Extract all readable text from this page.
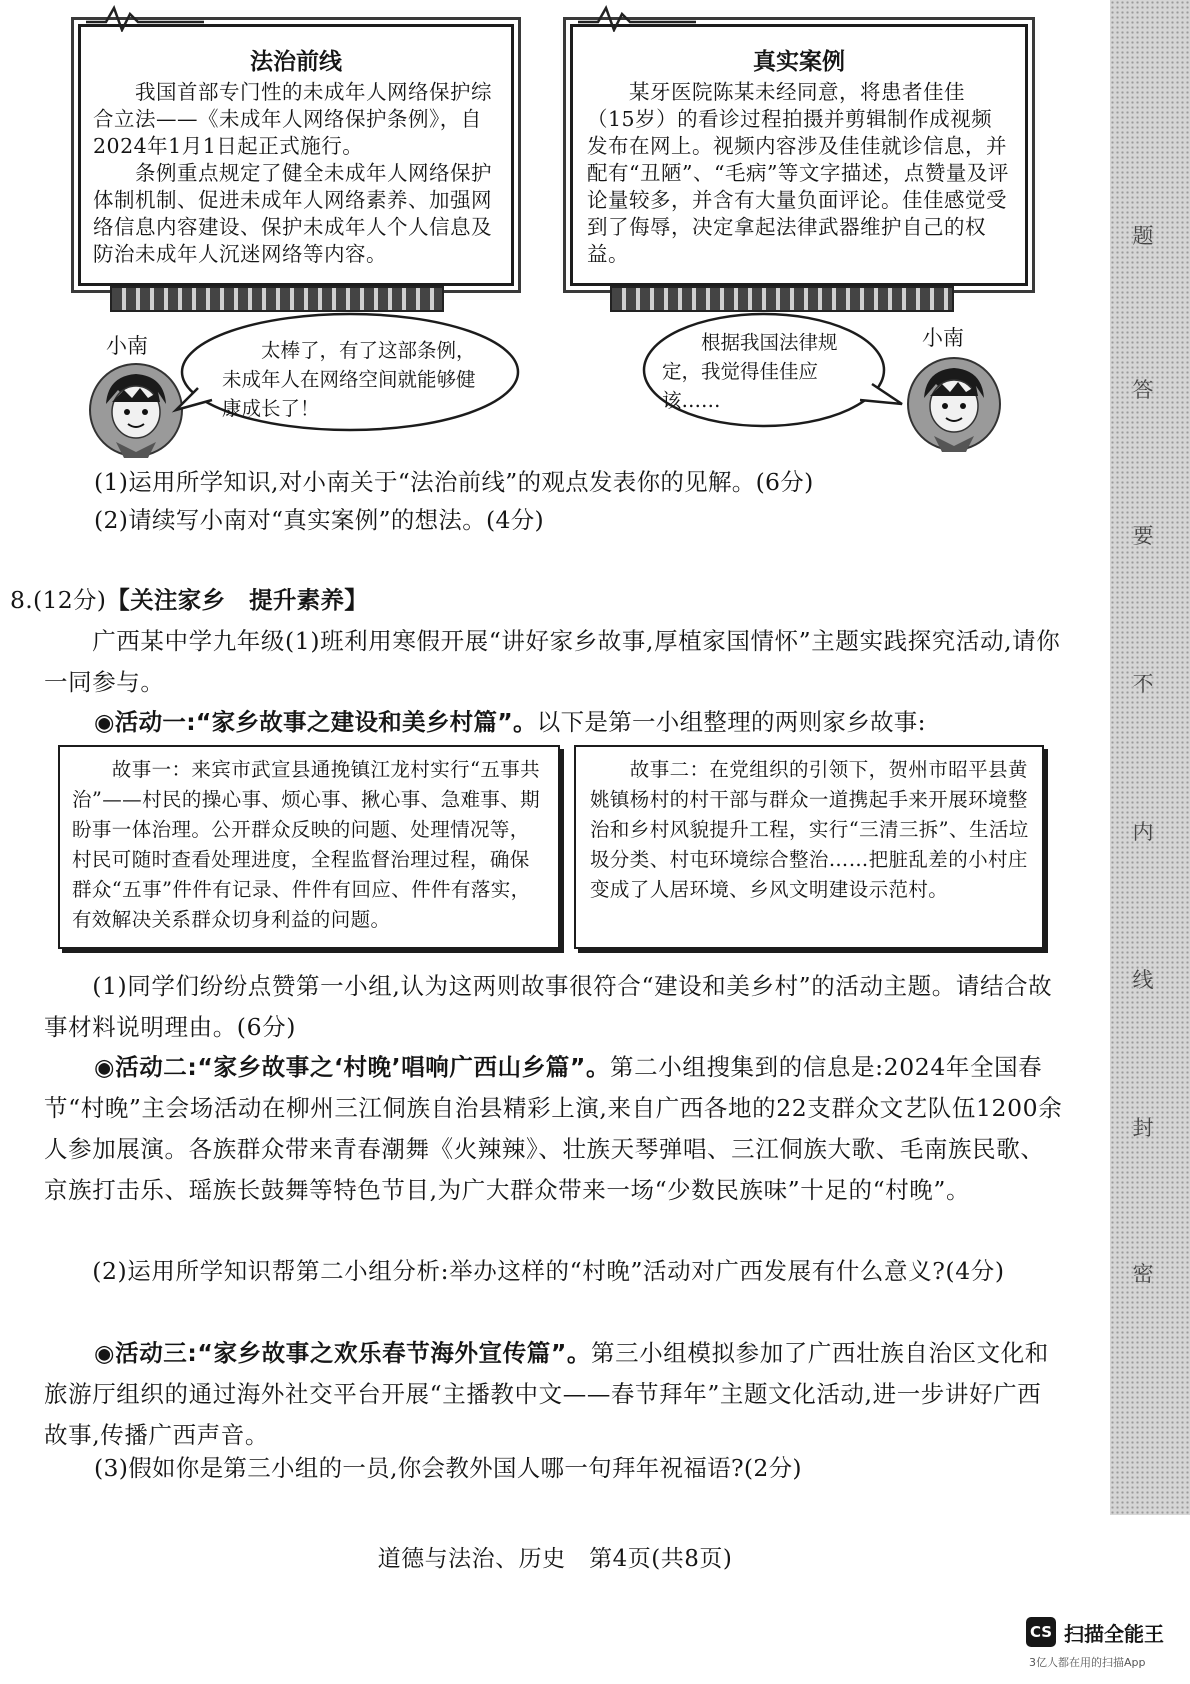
法治前线
　　我国首部专门性的未成年人网络保护综合立法——《未成年人网络保护条例》，自2024年1月1日起正式施行。
　　条例重点规定了健全未成年人网络保护体制机制、促进未成年人网络素养、加强网络信息内容建设、保护未成年人个人信息及防治未成年人沉迷网络等内容。
真实案例
　　某牙医院陈某未经同意，将患者佳佳（15岁）的看诊过程拍摄并剪辑制作成视频发布在网上。视频内容涉及佳佳就诊信息，并配有“丑陋”、“毛病”等文字描述，点赞量及评论量较多，并含有大量负面评论。佳佳感觉受到了侮辱，决定拿起法律武器维护自己的权益。
小南	　　太棒了，有了这部条例，未成年人在网络空间就能够健康成长了！
　　根据我国法律规定，我觉得佳佳应该……
小南
(1)运用所学知识,对小南关于“法治前线”的观点发表你的见解。(6分)
(2)请续写小南对“真实案例”的想法。(4分)
8.(12分)【关注家乡　提升素养】
　　广西某中学九年级(1)班利用寒假开展“讲好家乡故事,厚植家国情怀”主题实践探究活动,请你一同参与。
◉活动一:“家乡故事之建设和美乡村篇”。以下是第一小组整理的两则家乡故事:
　　故事一：来宾市武宣县通挽镇江龙村实行“五事共治”——村民的操心事、烦心事、揪心事、急难事、期盼事一体治理。公开群众反映的问题、处理情况等，村民可随时查看处理进度，全程监督治理过程，确保群众“五事”件件有记录、件件有回应、件件有落实，有效解决关系群众切身利益的问题。
　　故事二：在党组织的引领下，贺州市昭平县黄姚镇杨村的村干部与群众一道携起手来开展环境整治和乡村风貌提升工程，实行“三清三拆”、生活垃圾分类、村屯环境综合整治……把脏乱差的小村庄变成了人居环境、乡风文明建设示范村。
　　(1)同学们纷纷点赞第一小组,认为这两则故事很符合“建设和美乡村”的活动主题。请结合故事材料说明理由。(6分)
◉活动二:“家乡故事之‘村晚’唱响广西山乡篇”。第二小组搜集到的信息是:2024年全国春节“村晚”主会场活动在柳州三江侗族自治县精彩上演,来自广西各地的22支群众文艺队伍1200余人参加展演。各族群众带来青春潮舞《火辣辣》、壮族天琴弹唱、三江侗族大歌、毛南族民歌、京族打击乐、瑶族长鼓舞等特色节目,为广大群众带来一场“少数民族味”十足的“村晚”。
　　(2)运用所学知识帮第二小组分析:举办这样的“村晚”活动对广西发展有什么意义?(4分)
◉活动三:“家乡故事之欢乐春节海外宣传篇”。第三小组模拟参加了广西壮族自治区文化和旅游厅组织的通过海外社交平台开展“主播教中文——春节拜年”主题文化活动,进一步讲好广西故事,传播广西声音。
(3)假如你是第三小组的一员,你会教外国人哪一句拜年祝福语?(2分)
题
答
要
不
内
线
封
密
道德与法治、历史　第4页(共8页)
CS 扫描全能王
3亿人都在用的扫描App
